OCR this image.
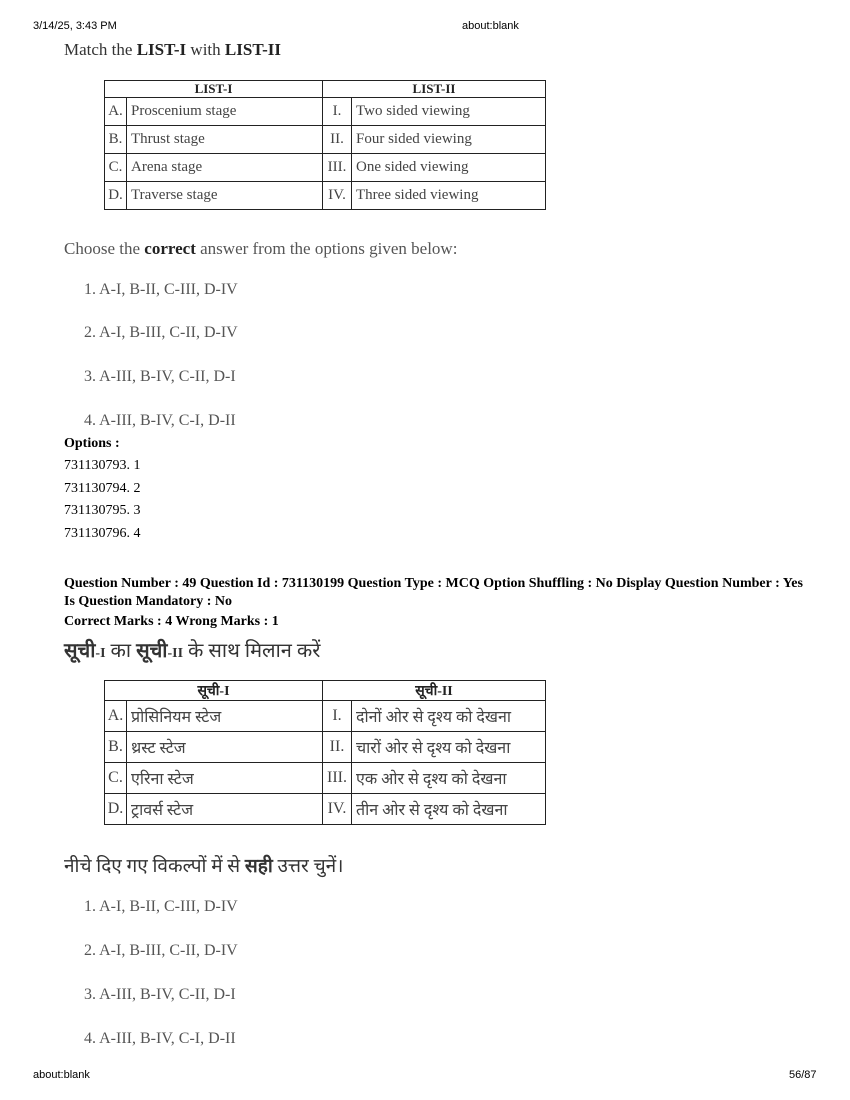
3/14/25, 3:43 PM	about:blank
Match the LIST-I with LIST-II
LIST-I		LIST-II	
A.	Proscenium stage	I.	Two sided viewing
B.	Thrust stage	II.	Four sided viewing
C.	Arena stage	III.	One sided viewing
D.	Traverse stage	IV.	Three sided viewing
Choose the correct answer from the options given below:
1. A-I, B-II, C-III, D-IV
2. A-I, B-III, C-II, D-IV
3. A-III, B-IV, C-II, D-I
4. A-III, B-IV, C-I, D-II
Options :
731130793. 1
731130794. 2
731130795. 3
731130796. 4
Question Number : 49 Question Id : 731130199 Question Type : MCQ Option Shuffling : No Display Question Number : Yes Is Question Mandatory : No
Correct Marks : 4 Wrong Marks : 1
सूची-I का सूची-II के साथ मिलान करें
सूची-I		सूची-II	
A.	प्रोसिनियम स्टेज	I.	दोनों ओर से दृश्य को देखना
B.	थ्रस्ट स्टेज	II.	चारों ओर से दृश्य को देखना
C.	एरिना स्टेज	III.	एक ओर से दृश्य को देखना
D.	ट्रावर्स स्टेज	IV.	तीन ओर से दृश्य को देखना
नीचे दिए गए विकल्पों में से सही उत्तर चुनें।
1. A-I, B-II, C-III, D-IV
2. A-I, B-III, C-II, D-IV
3. A-III, B-IV, C-II, D-I
4. A-III, B-IV, C-I, D-II
about:blank	56/87
